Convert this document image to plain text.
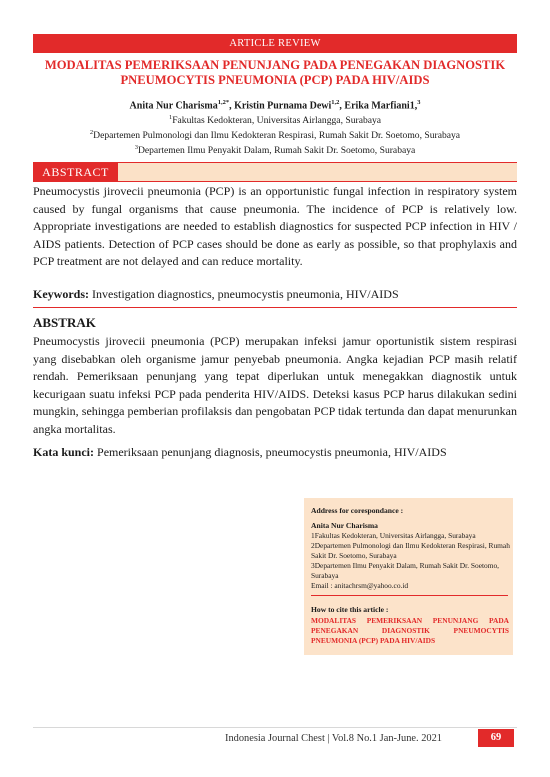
ARTICLE REVIEW
MODALITAS PEMERIKSAAN PENUNJANG PADA PENEGAKAN DIAGNOSTIK
PNEUMOCYTIS PNEUMONIA (PCP) PADA HIV/AIDS
Anita Nur Charisma$^{1,2*}$, Kristin Purnama Dewi$^{1,2}$, Erika Marfiani1,$^3$
$^1$Fakultas Kedokteran, Universitas Airlangga, Surabaya
$^2$Departemen Pulmonologi dan Ilmu Kedokteran Respirasi, Rumah Sakit Dr. Soetomo, Surabaya
$^3$Departemen Ilmu Penyakit Dalam, Rumah Sakit Dr. Soetomo, Surabaya
ABSTRACT
Pneumocystis jirovecii pneumonia (PCP) is an opportunistic fungal infection in respiratory system caused by fungal organisms that cause pneumonia. The incidence of PCP is relatively low. Appropriate investigations are needed to establish diagnostics for suspected PCP infection in HIV / AIDS patients. Detection of PCP cases should be done as early as possible, so that prophylaxis and PCP treatment are not delayed and can reduce mortality.
Keywords: Investigation diagnostics, pneumocystis pneumonia, HIV/AIDS
ABSTRAK
Pneumocystis jirovecii pneumonia (PCP) merupakan infeksi jamur oportunistik sistem respirasi yang disebabkan oleh organisme jamur penyebab pneumonia. Angka kejadian PCP masih relatif rendah. Pemeriksaan penunjang yang tepat diperlukan untuk menegakkan diagnostik untuk kecurigaan suatu infeksi PCP pada penderita HIV/AIDS. Deteksi kasus PCP harus dilakukan sedini mungkin, sehingga pemberian profilaksis dan pengobatan PCP tidak tertunda dan dapat menurunkan angka mortalitas.
Kata kunci: Pemeriksaan penunjang diagnosis, pneumocystis pneumonia, HIV/AIDS
Address for corespondance :
Anita Nur Charisma
1Fakultas Kedokteran, Universitas Airlangga, Surabaya
2Departemen Pulmonologi dan Ilmu Kedokteran Respirasi, Rumah Sakit Dr. Soetomo, Surabaya
3Departemen Ilmu Penyakit Dalam, Rumah Sakit Dr. Soetomo, Surabaya
Email : anitachrsm@yahoo.co.id
How to cite this article :
MODALITAS PEMERIKSAAN PENUNJANG PADA PENEGAKAN DIAGNOSTIK PNEUMOCYTIS PNEUMONIA (PCP) PADA HIV/AIDS
Indonesia Journal Chest | Vol.8 No.1 Jan-June. 2021	69
